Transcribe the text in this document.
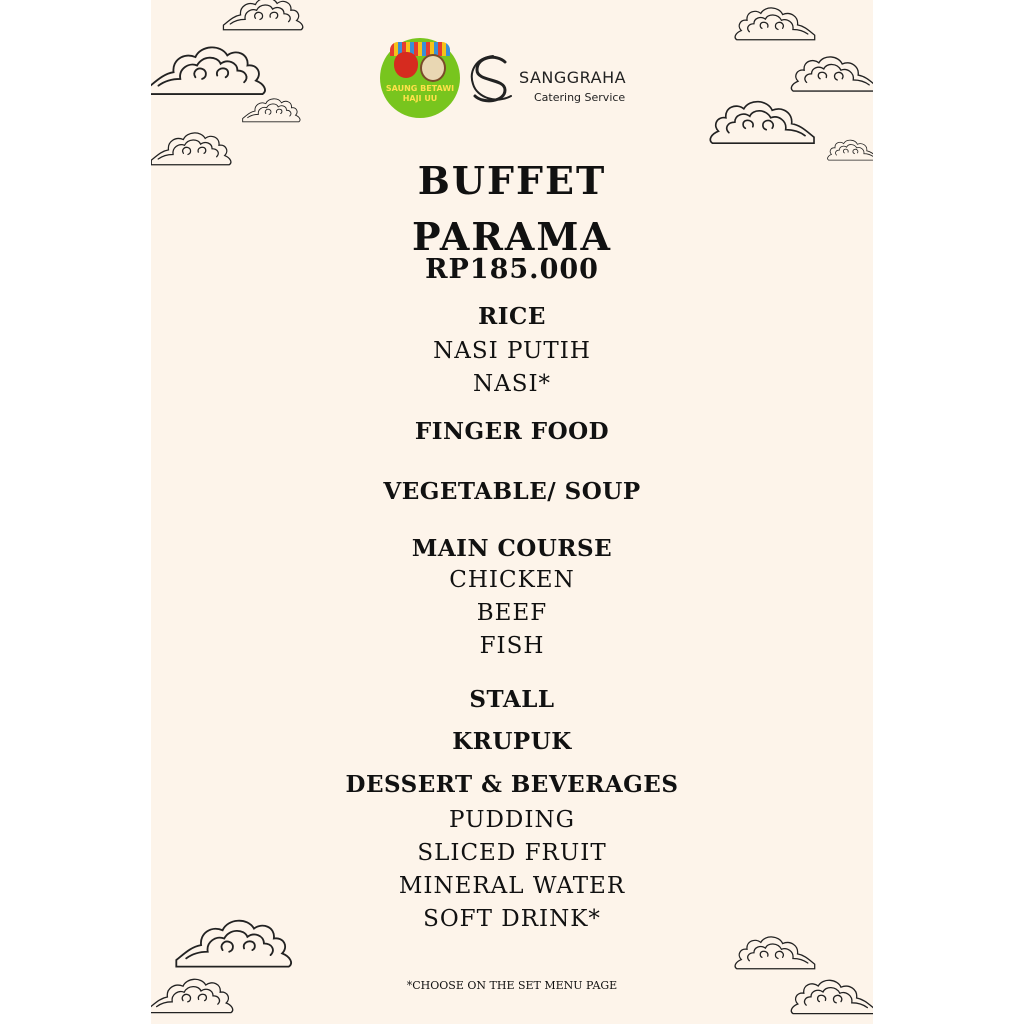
SAUNG BETAWI
HAJI UU
SANGGRAHA
Catering Service
BUFFET
PARAMA
RP185.000
RICE
NASI PUTIH
NASI*
FINGER FOOD
VEGETABLE/ SOUP
MAIN COURSE
CHICKEN
BEEF
FISH
STALL
KRUPUK
DESSERT & BEVERAGES
PUDDING
SLICED FRUIT
MINERAL WATER
SOFT DRINK*
*CHOOSE ON THE SET MENU PAGE
